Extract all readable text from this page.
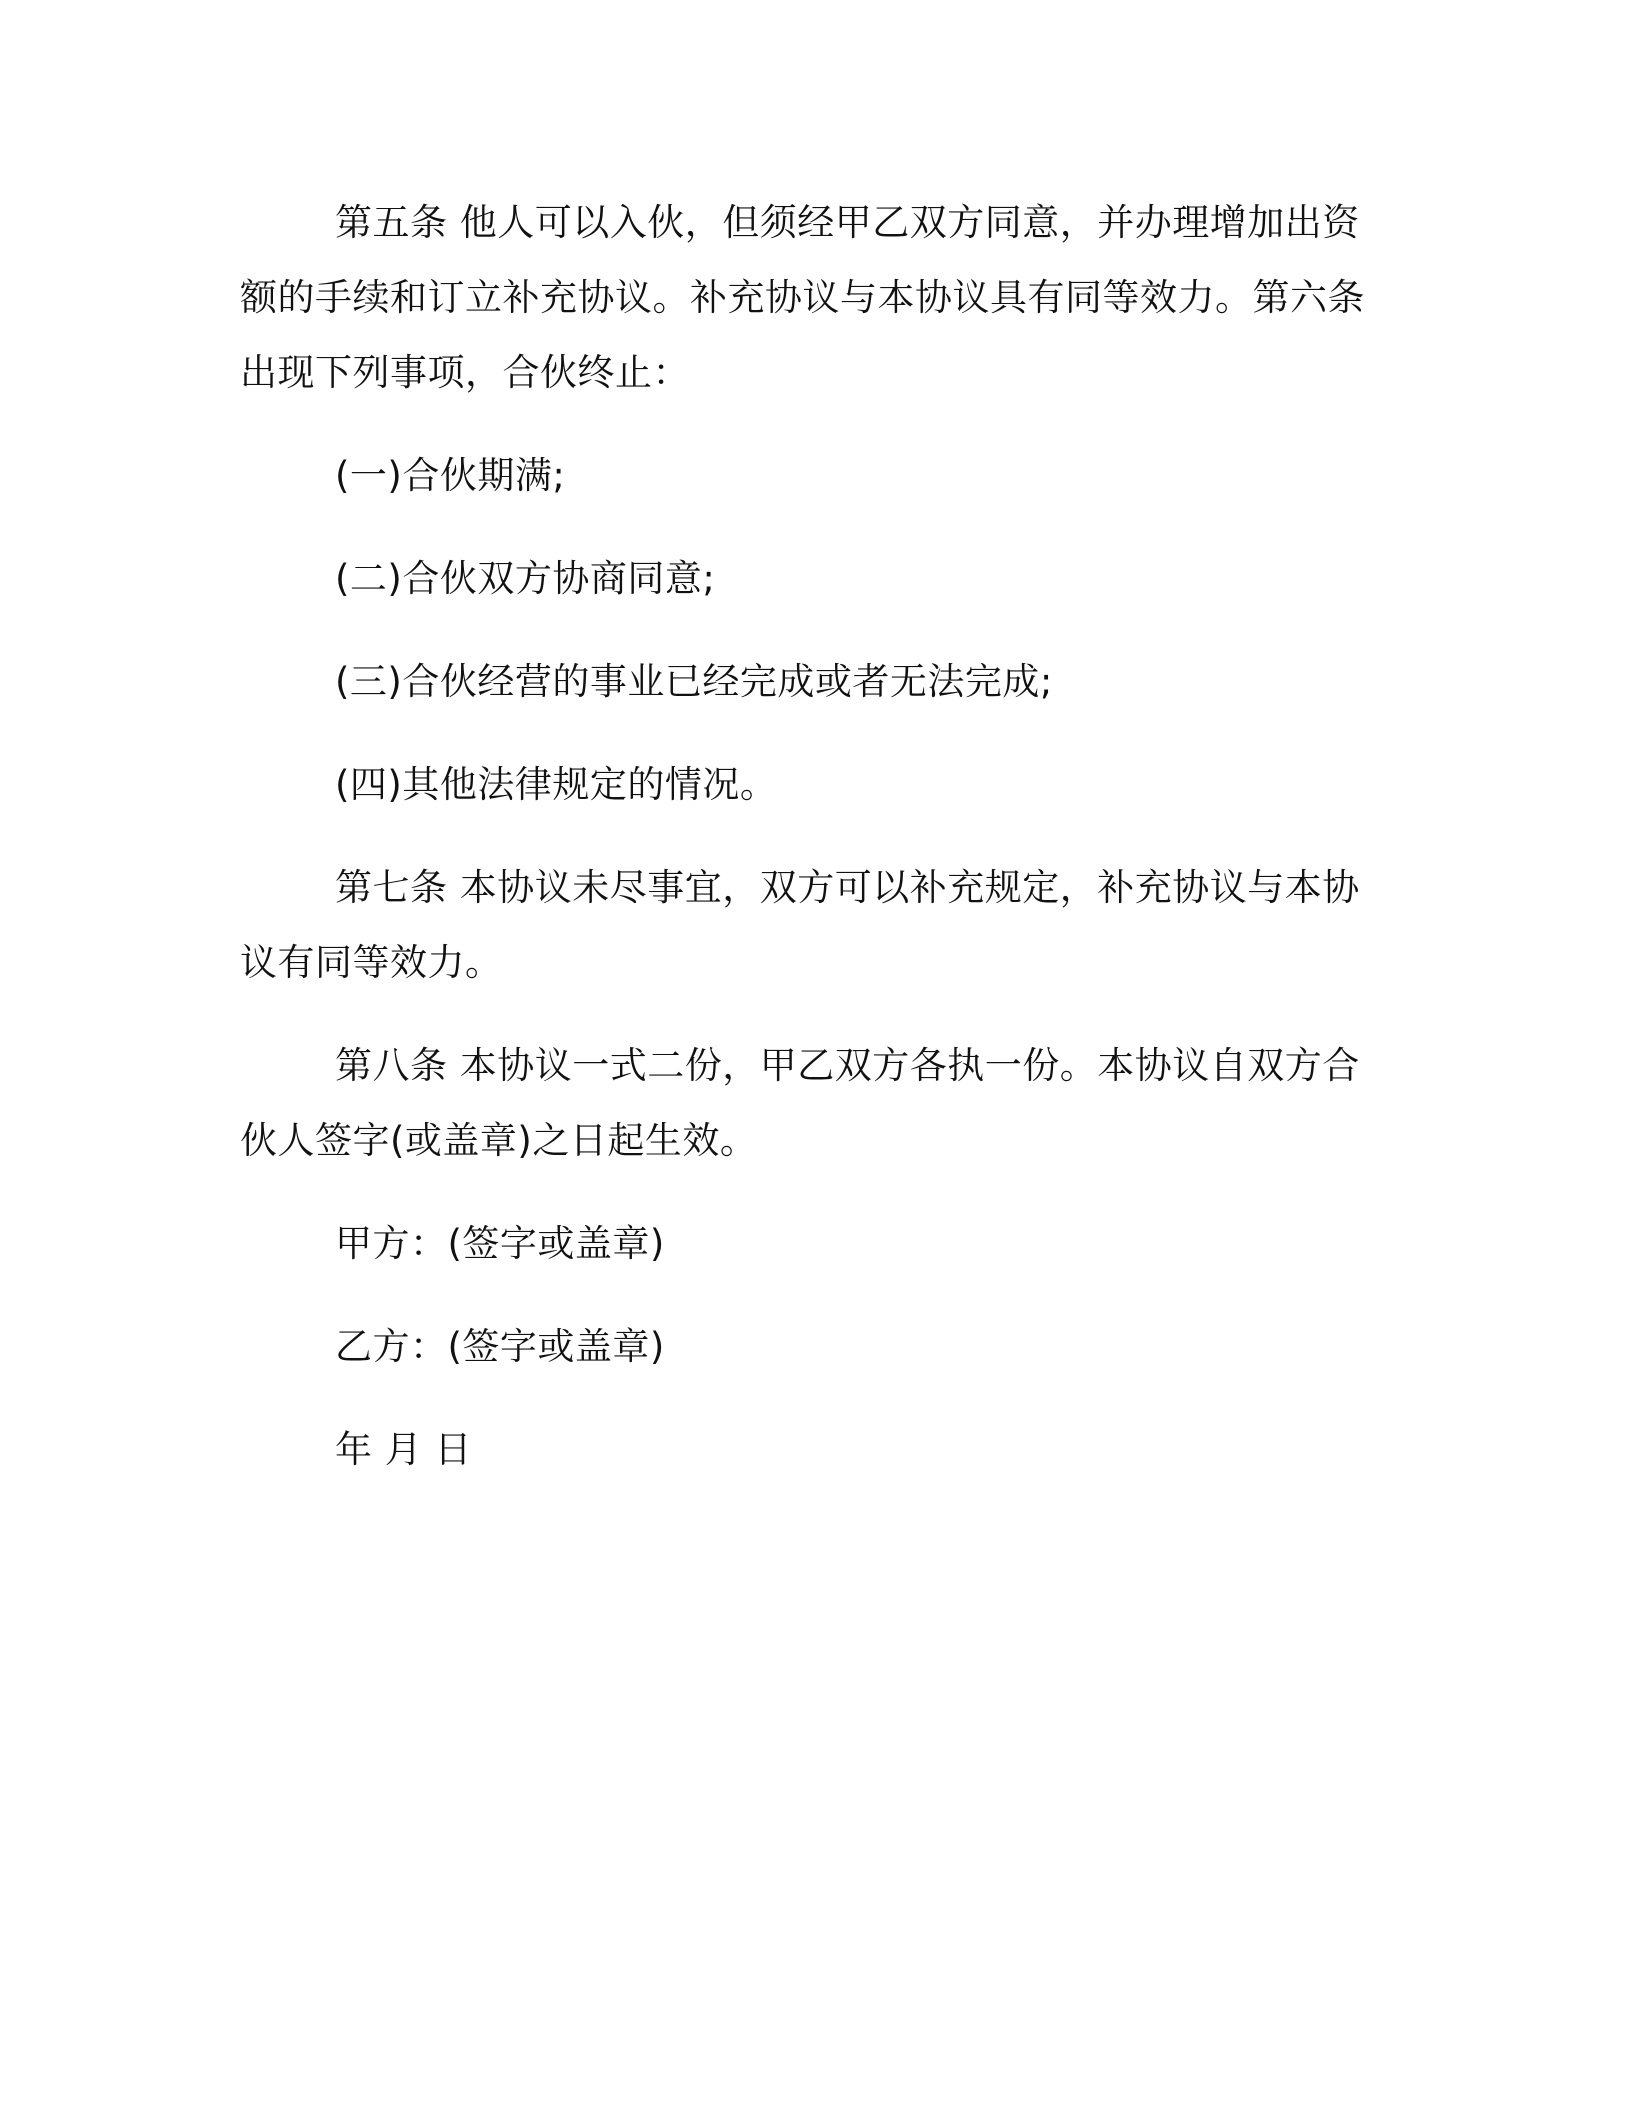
第五条 他人可以入伙，但须经甲乙双方同意，并办理增加出资额的手续和订立补充协议。补充协议与本协议具有同等效力。第六条 出现下列事项，合伙终止：

(一)合伙期满;

(二)合伙双方协商同意;

(三)合伙经营的事业已经完成或者无法完成;

(四)其他法律规定的情况。

第七条 本协议未尽事宜，双方可以补充规定，补充协议与本协议有同等效力。

第八条 本协议一式二份，甲乙双方各执一份。本协议自双方合伙人签字(或盖章)之日起生效。

甲方：(签字或盖章)

乙方：(签字或盖章)

年 月 日
